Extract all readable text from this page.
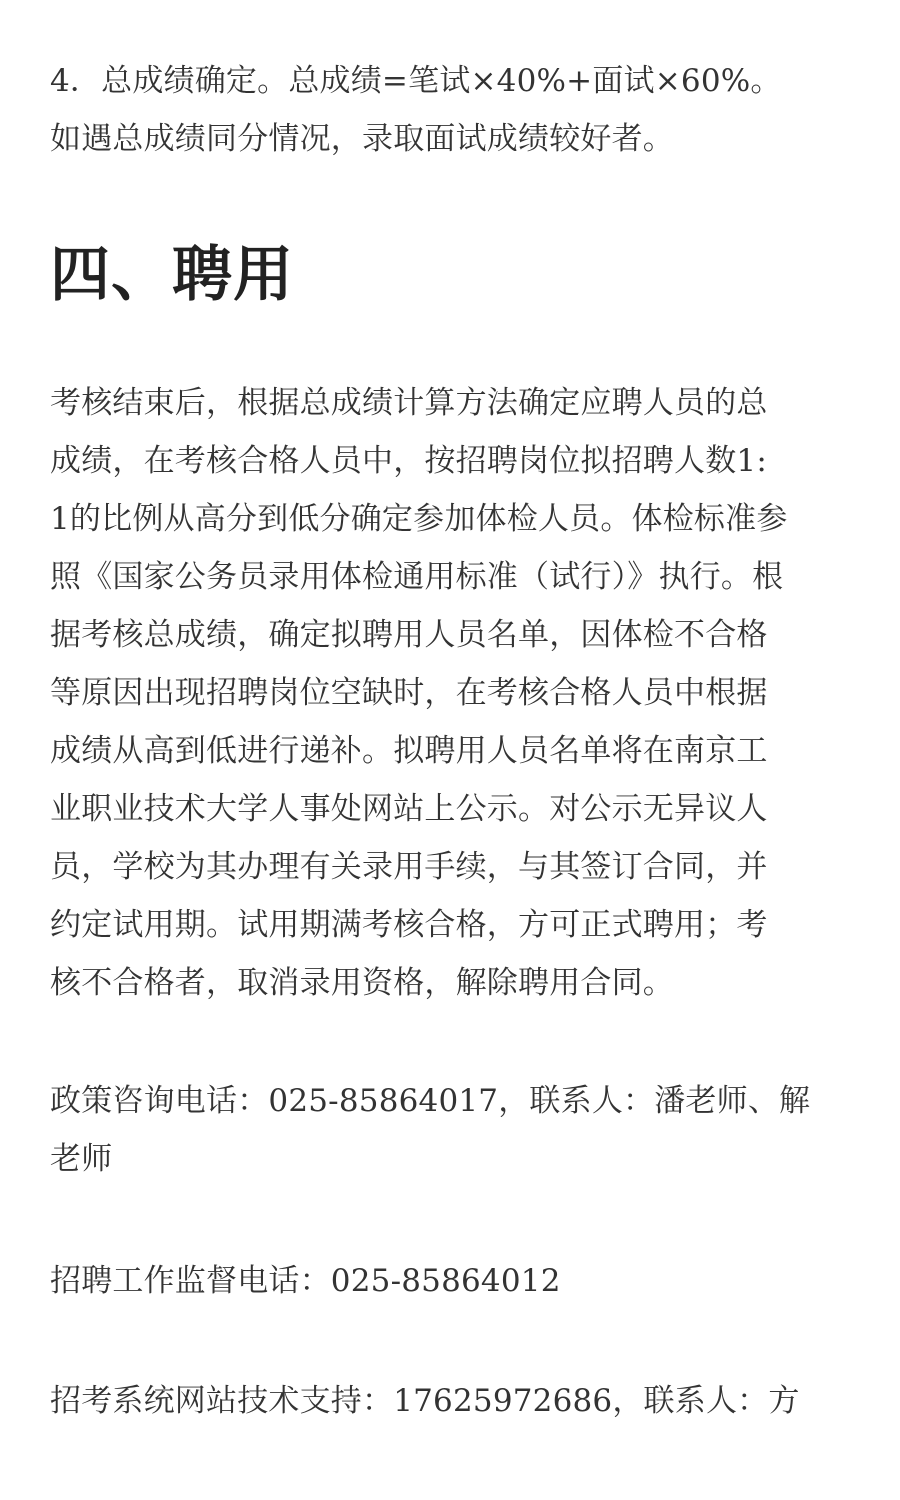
4．总成绩确定。总成绩=笔试×40%+面试×60%。
如遇总成绩同分情况，录取面试成绩较好者。

四、聘用

考核结束后，根据总成绩计算方法确定应聘人员的总
成绩，在考核合格人员中，按招聘岗位拟招聘人数1:
1的比例从高分到低分确定参加体检人员。体检标准参
照《国家公务员录用体检通用标准（试行）》执行。根
据考核总成绩，确定拟聘用人员名单，因体检不合格
等原因出现招聘岗位空缺时，在考核合格人员中根据
成绩从高到低进行递补。拟聘用人员名单将在南京工
业职业技术大学人事处网站上公示。对公示无异议人
员，学校为其办理有关录用手续，与其签订合同，并
约定试用期。试用期满考核合格，方可正式聘用；考
核不合格者，取消录用资格，解除聘用合同。

政策咨询电话：025-85864017，联系人：潘老师、解
老师

招聘工作监督电话：025-85864012

招考系统网站技术支持：17625972686，联系人：方
